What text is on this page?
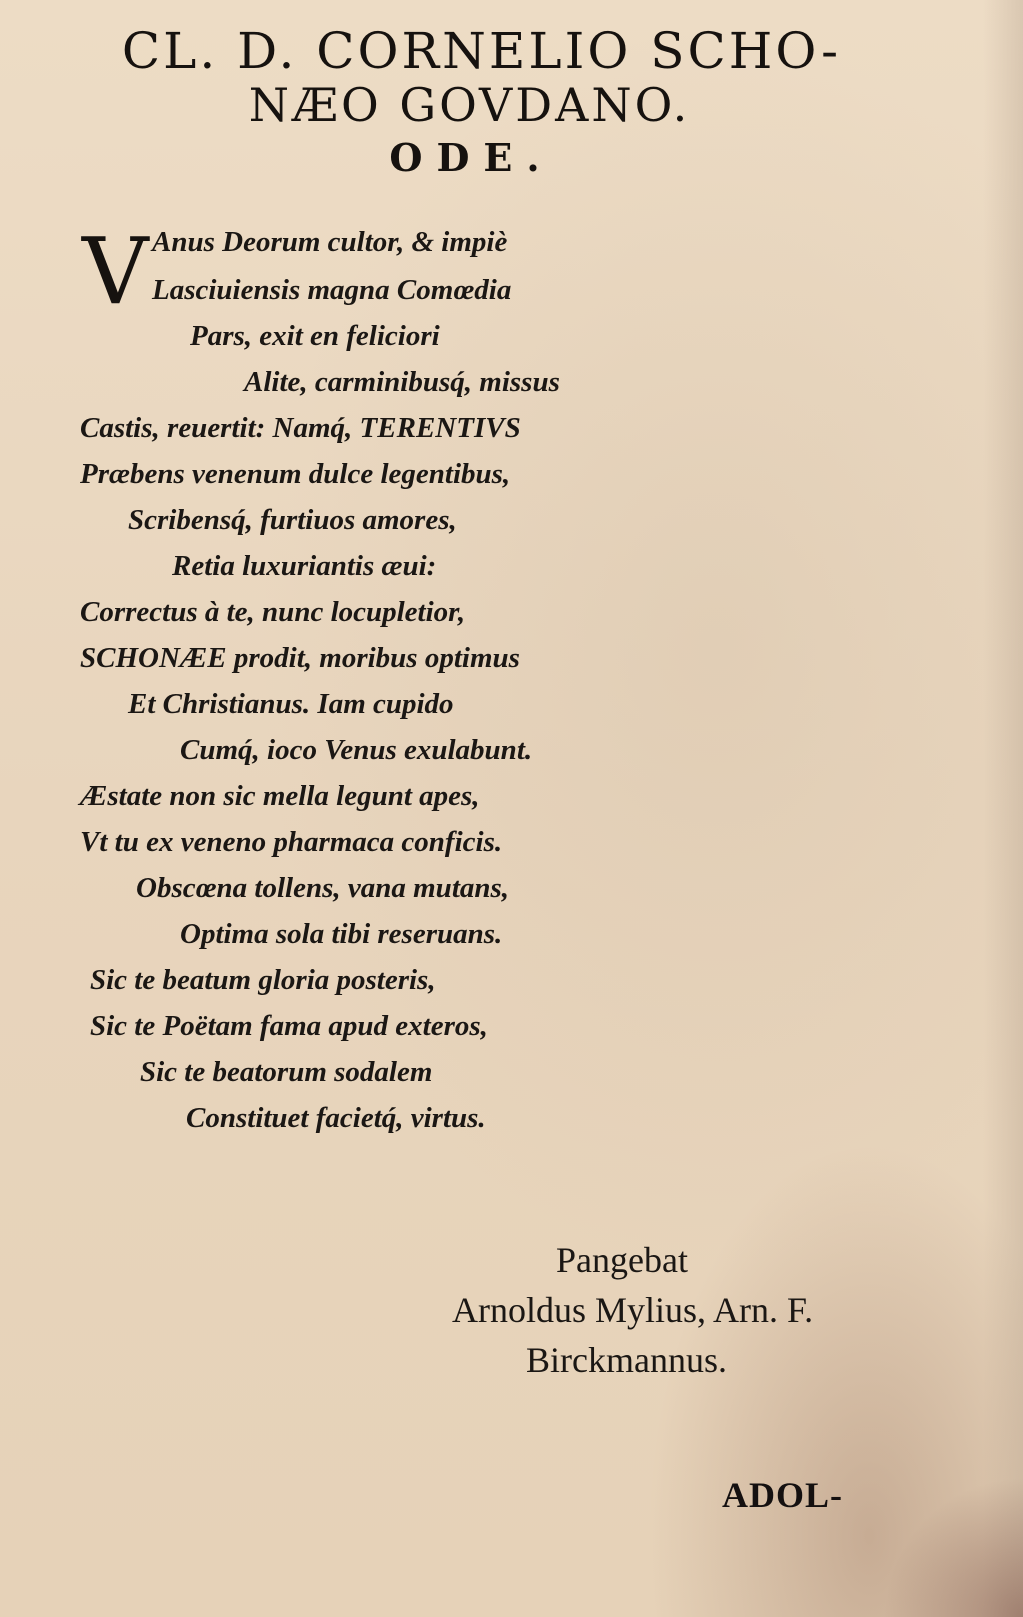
CL. D. CORNELIO SCHO-
NÆO GOVDANO.
ODE.
V Anus Deorum cultor, & impiè
Lasciuiensis magna Comœdia
Pars, exit en feliciori
Alite, carminibusq́, missus
Castis, reuertit: Namq́, TERENTIVS
Præbens venenum dulce legentibus,
Scribensq́, furtiuos amores,
Retia luxuriantis æui:
Correctus à te, nunc locupletior,
SCHONÆE prodit, moribus optimus
Et Christianus. Iam cupido
Cumq́, ioco Venus exulabunt.
Æstate non sic mella legunt apes,
Vt tu ex veneno pharmaca conficis.
Obscœna tollens, vana mutans,
Optima sola tibi reseruans.
Sic te beatum gloria posteris,
Sic te Poëtam fama apud exteros,
Sic te beatorum sodalem
Constituet facietq́, virtus.
Pangebat
Arnoldus Mylius, Arn. F.
Birckmannus.
ADOL-
